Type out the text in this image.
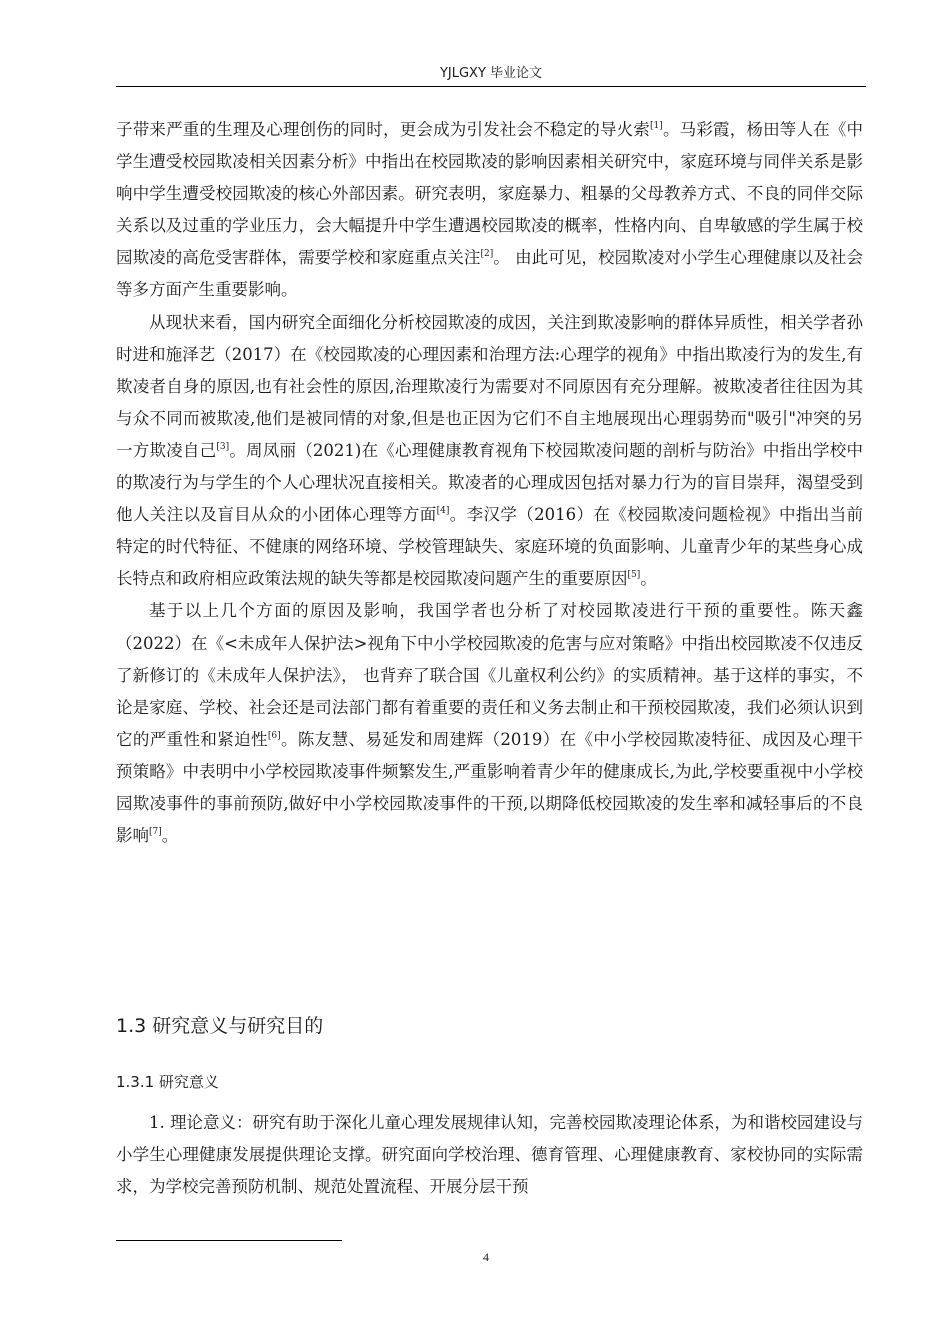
YJLGXY 毕业论文

子带来严重的生理及心理创伤的同时，更会成为引发社会不稳定的导火索[1]。马彩霞，杨田等人在《中学生遭受校园欺凌相关因素分析》中指出在校园欺凌的影响因素相关研究中，家庭环境与同伴关系是影响中学生遭受校园欺凌的核心外部因素。研究表明，家庭暴力、粗暴的父母教养方式、不良的同伴交际关系以及过重的学业压力，会大幅提升中学生遭遇校园欺凌的概率，性格内向、自卑敏感的学生属于校园欺凌的高危受害群体，需要学校和家庭重点关注[2]。 由此可见，校园欺凌对小学生心理健康以及社会等多方面产生重要影响。

从现状来看，国内研究全面细化分析校园欺凌的成因，关注到欺凌影响的群体异质性，相关学者孙时进和施泽艺（2017）在《校园欺凌的心理因素和治理方法:心理学的视角》中指出欺凌行为的发生,有欺凌者自身的原因,也有社会性的原因,治理欺凌行为需要对不同原因有充分理解。被欺凌者往往因为其与众不同而被欺凌,他们是被同情的对象,但是也正因为它们不自主地展现出心理弱势而"吸引"冲突的另一方欺凌自己[3]。周凤丽（2021)在《心理健康教育视角下校园欺凌问题的剖析与防治》中指出学校中的欺凌行为与学生的个人心理状况直接相关。欺凌者的心理成因包括对暴力行为的盲目崇拜，渴望受到他人关注以及盲目从众的小团体心理等方面[4]。李汉学（2016）在《校园欺凌问题检视》中指出当前特定的时代特征、不健康的网络环境、学校管理缺失、家庭环境的负面影响、儿童青少年的某些身心成长特点和政府相应政策法规的缺失等都是校园欺凌问题产生的重要原因[5]。

基于以上几个方面的原因及影响，我国学者也分析了对校园欺凌进行干预的重要性。陈天鑫（2022）在《<未成年人保护法>视角下中小学校园欺凌的危害与应对策略》中指出校园欺凌不仅违反了新修订的《未成年人保护法》， 也背弃了联合国《儿童权利公约》的实质精神。基于这样的事实，不论是家庭、学校、社会还是司法部门都有着重要的责任和义务去制止和干预校园欺凌，我们必须认识到它的严重性和紧迫性[6]。陈友慧、易延发和周建辉（2019）在《中小学校园欺凌特征、成因及心理干预策略》中表明中小学校园欺凌事件频繁发生,严重影响着青少年的健康成长,为此,学校要重视中小学校园欺凌事件的事前预防,做好中小学校园欺凌事件的干预,以期降低校园欺凌的发生率和减轻事后的不良影响[7]。

1.3 研究意义与研究目的
1.3.1 研究意义

1. 理论意义：研究有助于深化儿童心理发展规律认知，完善校园欺凌理论体系，为和谐校园建设与小学生心理健康发展提供理论支撑。研究面向学校治理、德育管理、心理健康教育、家校协同的实际需求，为学校完善预防机制、规范处置流程、开展分层干预

4
